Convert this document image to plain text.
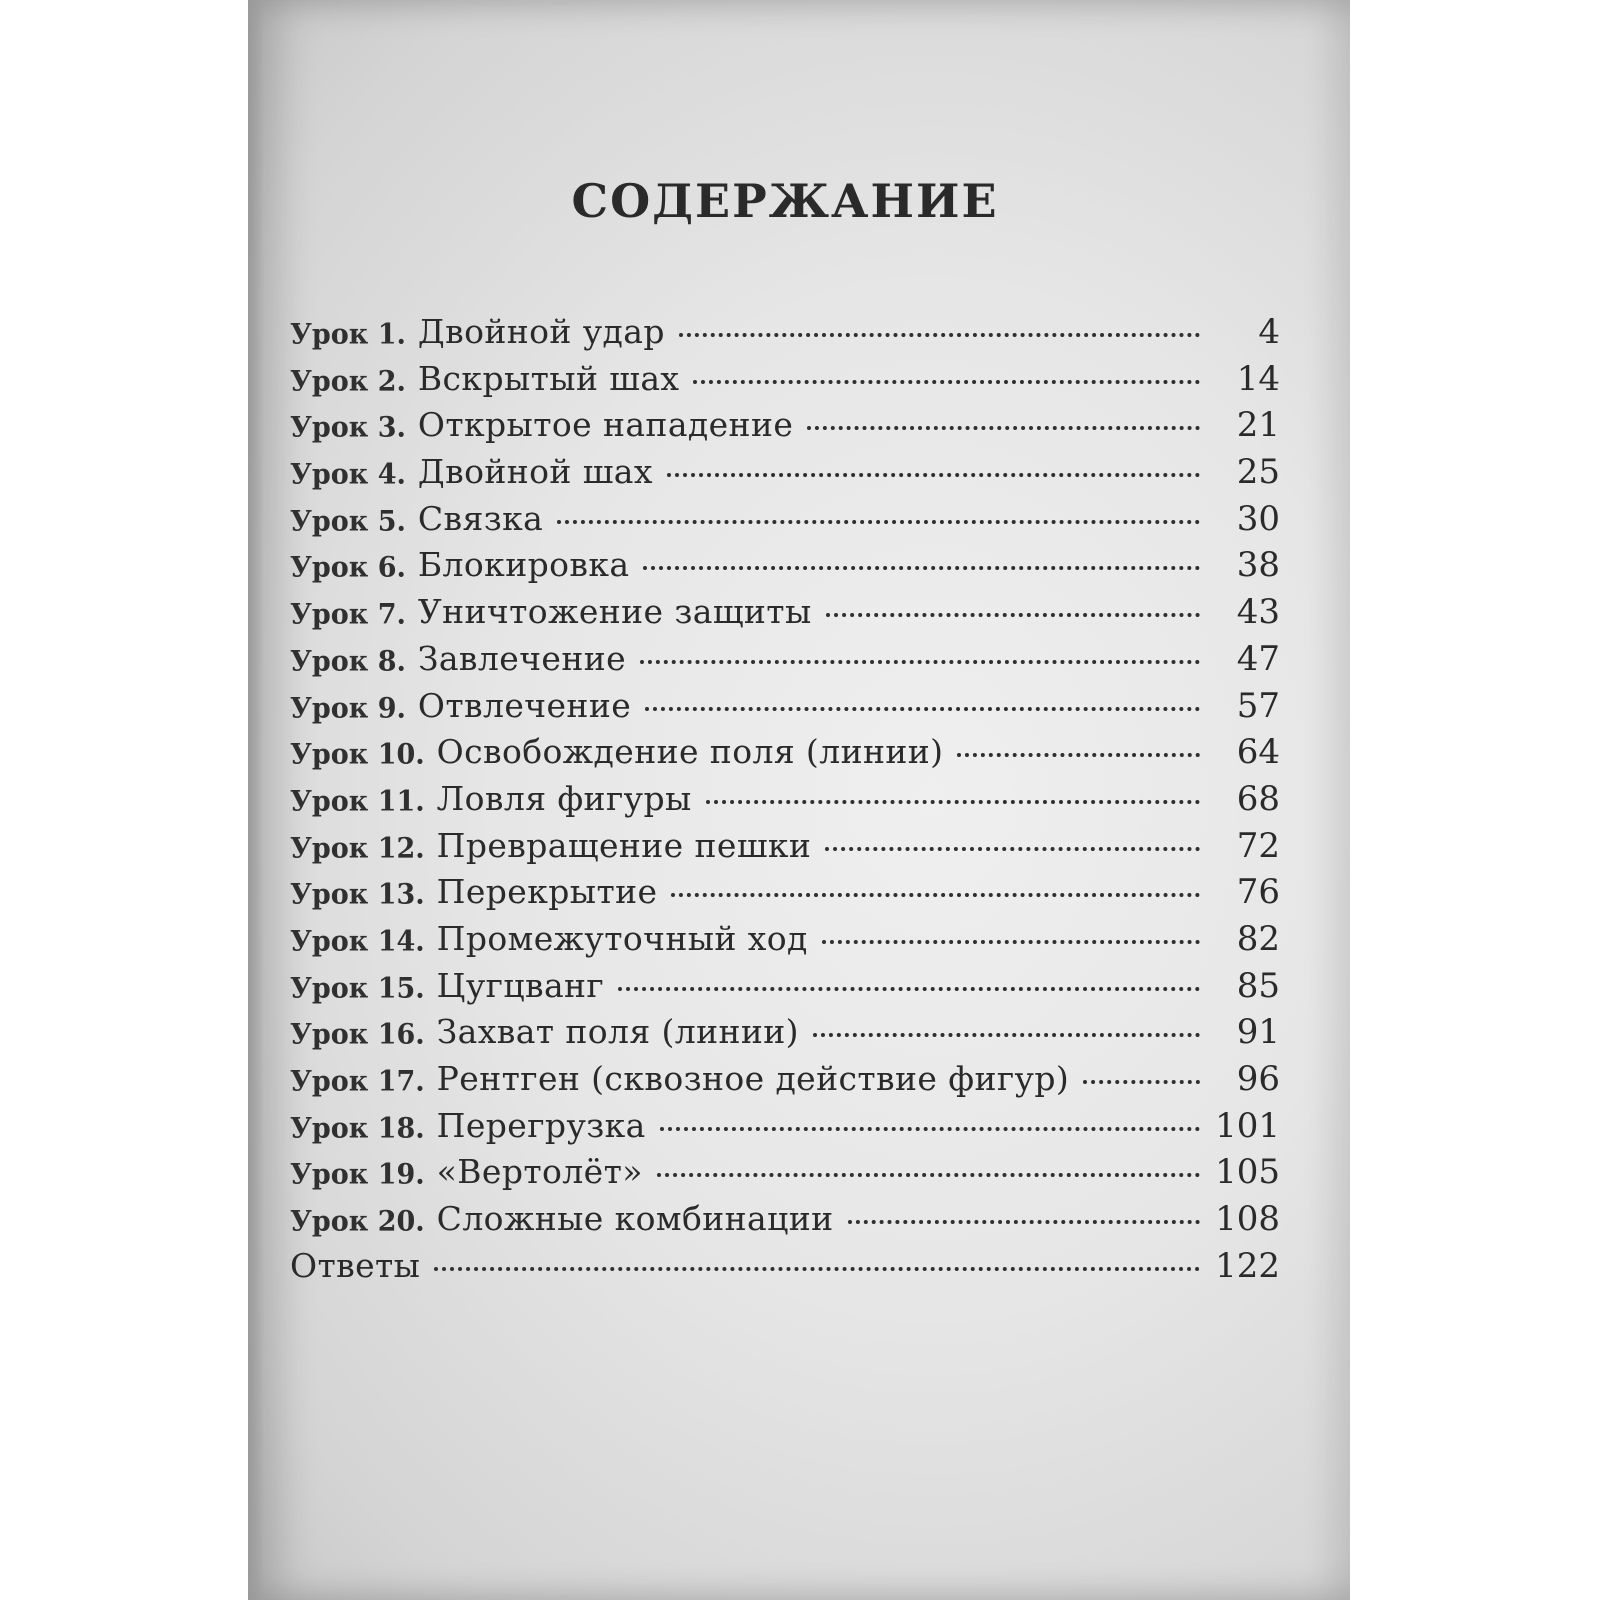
СОДЕРЖАНИЕ
Урок 1. Двойной удар	4
Урок 2. Вскрытый шах	14
Урок 3. Открытое нападение	21
Урок 4. Двойной шах	25
Урок 5. Связка	30
Урок 6. Блокировка	38
Урок 7. Уничтожение защиты	43
Урок 8. Завлечение	47
Урок 9. Отвлечение	57
Урок 10. Освобождение поля (линии)	64
Урок 11. Ловля фигуры	68
Урок 12. Превращение пешки	72
Урок 13. Перекрытие	76
Урок 14. Промежуточный ход	82
Урок 15. Цугцванг	85
Урок 16. Захват поля (линии)	91
Урок 17. Рентген (сквозное действие фигур)	96
Урок 18. Перегрузка	101
Урок 19. «Вертолёт»	105
Урок 20. Сложные комбинации	108
Ответы	122
